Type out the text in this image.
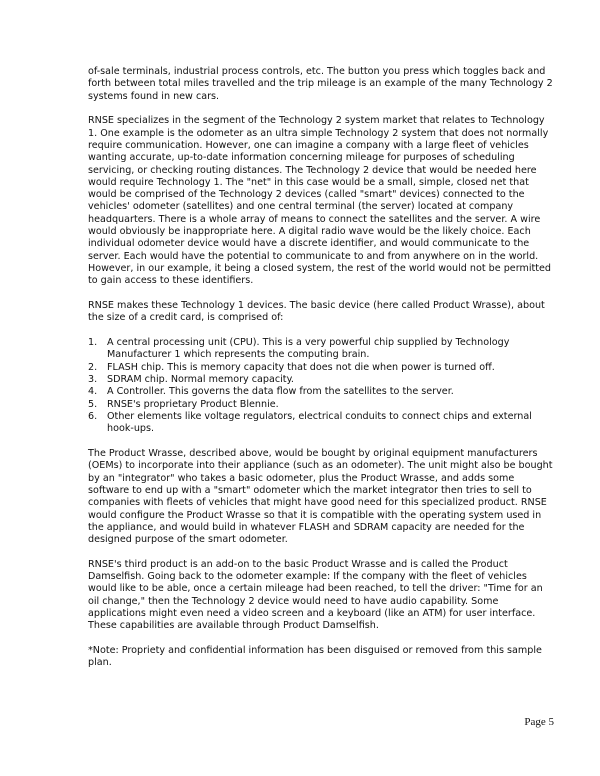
of-sale terminals, industrial process controls, etc. The button you press which toggles back and forth between total miles travelled and the trip mileage is an example of the many Technology 2 systems found in new cars.

RNSE specializes in the segment of the Technology 2 system market that relates to Technology 1. One example is the odometer as an ultra simple Technology 2 system that does not normally require communication. However, one can imagine a company with a large fleet of vehicles wanting accurate, up-to-date information concerning mileage for purposes of scheduling servicing, or checking routing distances. The Technology 2 device that would be needed here would require Technology 1. The "net" in this case would be a small, simple, closed net that would be comprised of the Technology 2 devices (called "smart" devices) connected to the vehicles' odometer (satellites) and one central terminal (the server) located at company headquarters. There is a whole array of means to connect the satellites and the server. A wire would obviously be inappropriate here. A digital radio wave would be the likely choice. Each individual odometer device would have a discrete identifier, and would communicate to the server. Each would have the potential to communicate to and from anywhere on in the world. However, in our example, it being a closed system, the rest of the world would not be permitted to gain access to these identifiers.

RNSE makes these Technology 1 devices. The basic device (here called Product Wrasse), about the size of a credit card, is comprised of:

1. A central processing unit (CPU). This is a very powerful chip supplied by Technology Manufacturer 1 which represents the computing brain.
2. FLASH chip. This is memory capacity that does not die when power is turned off.
3. SDRAM chip. Normal memory capacity.
4. A Controller. This governs the data flow from the satellites to the server.
5. RNSE's proprietary Product Blennie.
6. Other elements like voltage regulators, electrical conduits to connect chips and external hook-ups.

The Product Wrasse, described above, would be bought by original equipment manufacturers (OEMs) to incorporate into their appliance (such as an odometer). The unit might also be bought by an "integrator" who takes a basic odometer, plus the Product Wrasse, and adds some software to end up with a "smart" odometer which the market integrator then tries to sell to companies with fleets of vehicles that might have good need for this specialized product. RNSE would configure the Product Wrasse so that it is compatible with the operating system used in the appliance, and would build in whatever FLASH and SDRAM capacity are needed for the designed purpose of the smart odometer.

RNSE's third product is an add-on to the basic Product Wrasse and is called the Product Damselfish. Going back to the odometer example: If the company with the fleet of vehicles would like to be able, once a certain mileage had been reached, to tell the driver: "Time for an oil change," then the Technology 2 device would need to have audio capability. Some applications might even need a video screen and a keyboard (like an ATM) for user interface. These capabilities are available through Product Damselfish.

*Note: Propriety and confidential information has been disguised or removed from this sample plan.

Page 5
